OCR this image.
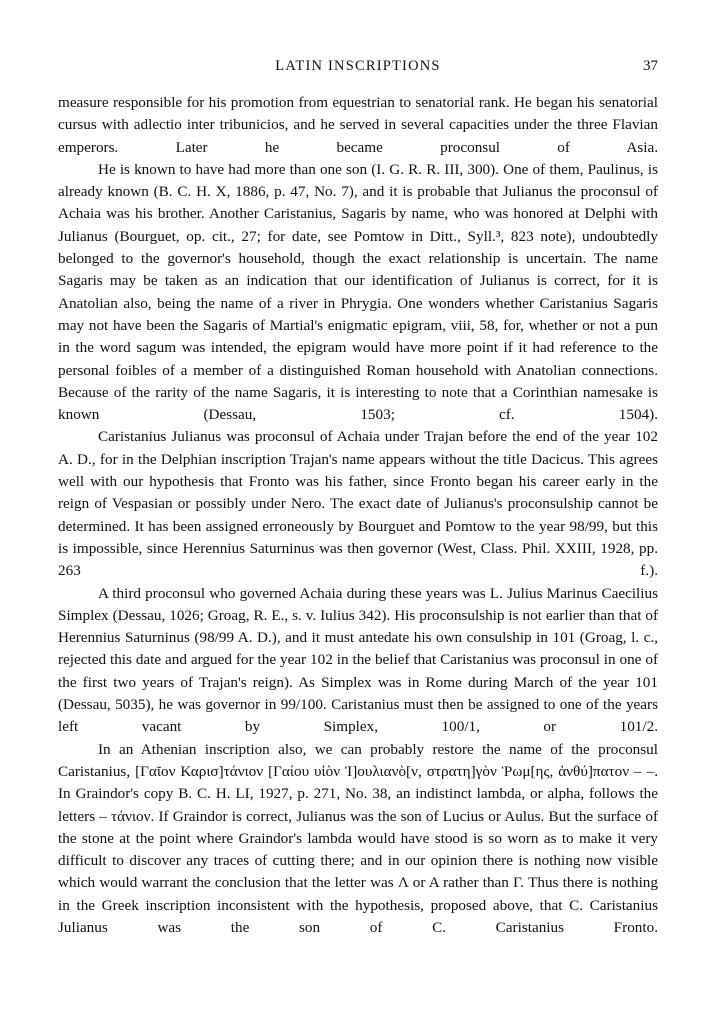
LATIN INSCRIPTIONS	37

measure responsible for his promotion from equestrian to senatorial rank. He began his senatorial cursus with adlectio inter tribunicios, and he served in several capacities under the three Flavian emperors. Later he became proconsul of Asia.

He is known to have had more than one son (I. G. R. R. III, 300). One of them, Paulinus, is already known (B. C. H. X, 1886, p. 47, No. 7), and it is probable that Julianus the proconsul of Achaia was his brother. Another Caristanius, Sagaris by name, who was honored at Delphi with Julianus (Bourguet, op. cit., 27; for date, see Pomtow in Ditt., Syll.³, 823 note), undoubtedly belonged to the governor's household, though the exact relationship is uncertain. The name Sagaris may be taken as an indication that our identification of Julianus is correct, for it is Anatolian also, being the name of a river in Phrygia. One wonders whether Caristanius Sagaris may not have been the Sagaris of Martial's enigmatic epigram, viii, 58, for, whether or not a pun in the word sagum was intended, the epigram would have more point if it had reference to the personal foibles of a member of a distinguished Roman household with Anatolian connections. Because of the rarity of the name Sagaris, it is interesting to note that a Corinthian namesake is known (Dessau, 1503; cf. 1504).

Caristanius Julianus was proconsul of Achaia under Trajan before the end of the year 102 A. D., for in the Delphian inscription Trajan's name appears without the title Dacicus. This agrees well with our hypothesis that Fronto was his father, since Fronto began his career early in the reign of Vespasian or possibly under Nero. The exact date of Julianus's proconsulship cannot be determined. It has been assigned erroneously by Bourguet and Pomtow to the year 98/99, but this is impossible, since Herennius Saturninus was then governor (West, Class. Phil. XXIII, 1928, pp. 263 f.).

A third proconsul who governed Achaia during these years was L. Julius Marinus Caecilius Simplex (Dessau, 1026; Groag, R. E., s. v. Iulius 342). His proconsulship is not earlier than that of Herennius Saturninus (98/99 A. D.), and it must antedate his own consulship in 101 (Groag, l. c., rejected this date and argued for the year 102 in the belief that Caristanius was proconsul in one of the first two years of Trajan's reign). As Simplex was in Rome during March of the year 101 (Dessau, 5035), he was governor in 99/100. Caristanius must then be assigned to one of the years left vacant by Simplex, 100/1, or 101/2.

In an Athenian inscription also, we can probably restore the name of the proconsul Caristanius, [Γαῖον Καρισ]τάνιον [Γαίου υἱὸν Ἰ]ουλιανὸ[ν, στρατη]γὸν Ῥωμ[ης, ἀνθύ]πατον – –. In Graindor's copy B. C. H. LI, 1927, p. 271, No. 38, an indistinct lambda, or alpha, follows the letters – τάνιον. If Graindor is correct, Julianus was the son of Lucius or Aulus. But the surface of the stone at the point where Graindor's lambda would have stood is so worn as to make it very difficult to discover any traces of cutting there; and in our opinion there is nothing now visible which would warrant the conclusion that the letter was Λ or A rather than Γ. Thus there is nothing in the Greek inscription inconsistent with the hypothesis, proposed above, that C. Caristanius Julianus was the son of C. Caristanius Fronto.
